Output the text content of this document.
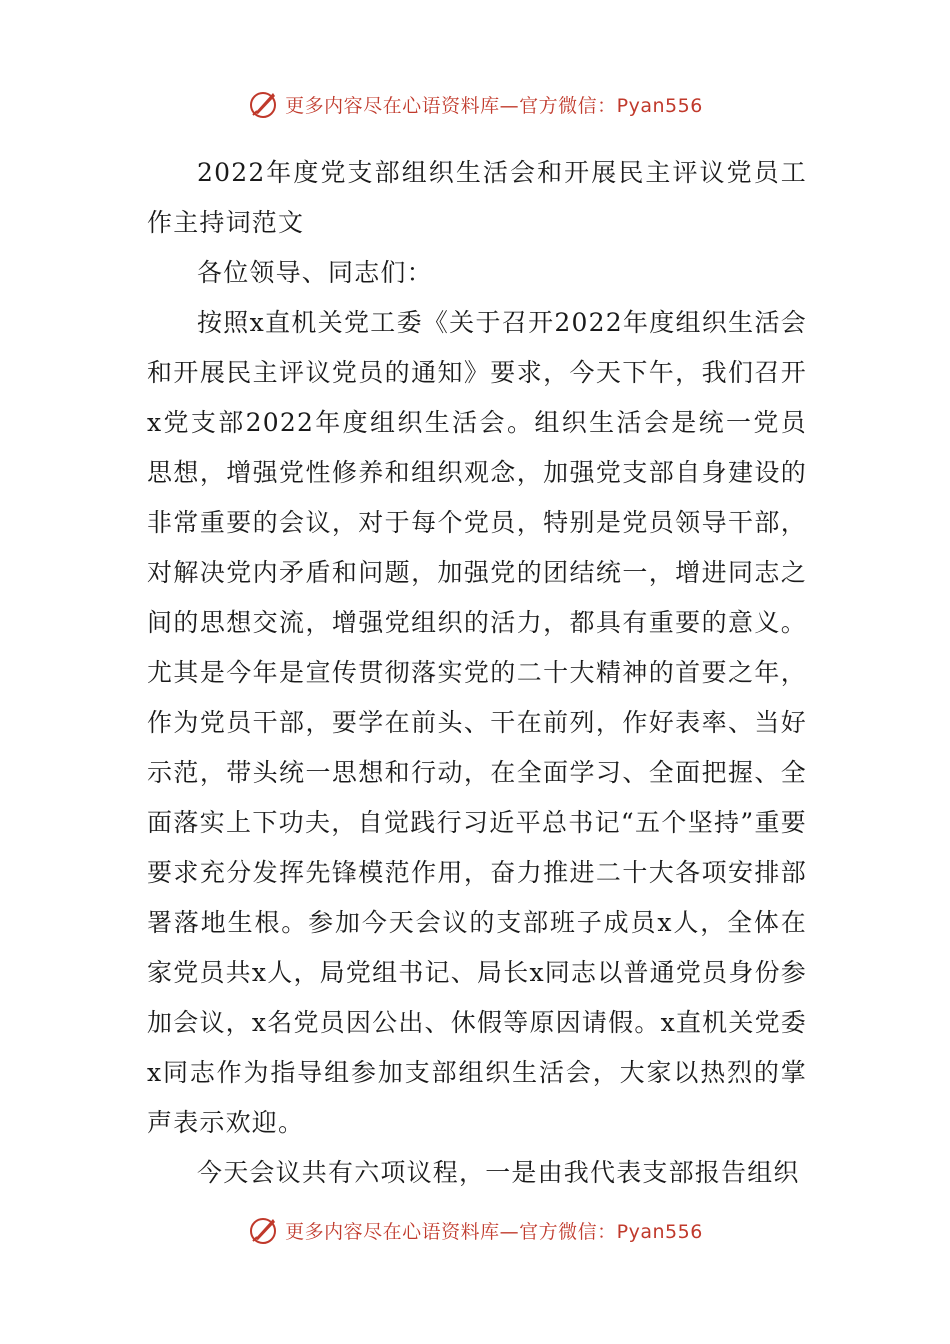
更多内容尽在心语资料库—官方微信：Pyan556

2022年度党支部组织生活会和开展民主评议党员工作主持词范文

各位领导、同志们：

按照x直机关党工委《关于召开2022年度组织生活会和开展民主评议党员的通知》要求，今天下午，我们召开x党支部2022年度组织生活会。组织生活会是统一党员思想，增强党性修养和组织观念，加强党支部自身建设的非常重要的会议，对于每个党员，特别是党员领导干部，对解决党内矛盾和问题，加强党的团结统一，增进同志之间的思想交流，增强党组织的活力，都具有重要的意义。尤其是今年是宣传贯彻落实党的二十大精神的首要之年，作为党员干部，要学在前头、干在前列，作好表率、当好示范，带头统一思想和行动，在全面学习、全面把握、全面落实上下功夫，自觉践行习近平总书记“五个坚持”重要要求充分发挥先锋模范作用，奋力推进二十大各项安排部署落地生根。参加今天会议的支部班子成员x人，全体在家党员共x人，局党组书记、局长x同志以普通党员身份参加会议，x名党员因公出、休假等原因请假。x直机关党委x同志作为指导组参加支部组织生活会，大家以热烈的掌声表示欢迎。

今天会议共有六项议程，一是由我代表支部报告组织

更多内容尽在心语资料库—官方微信：Pyan556
